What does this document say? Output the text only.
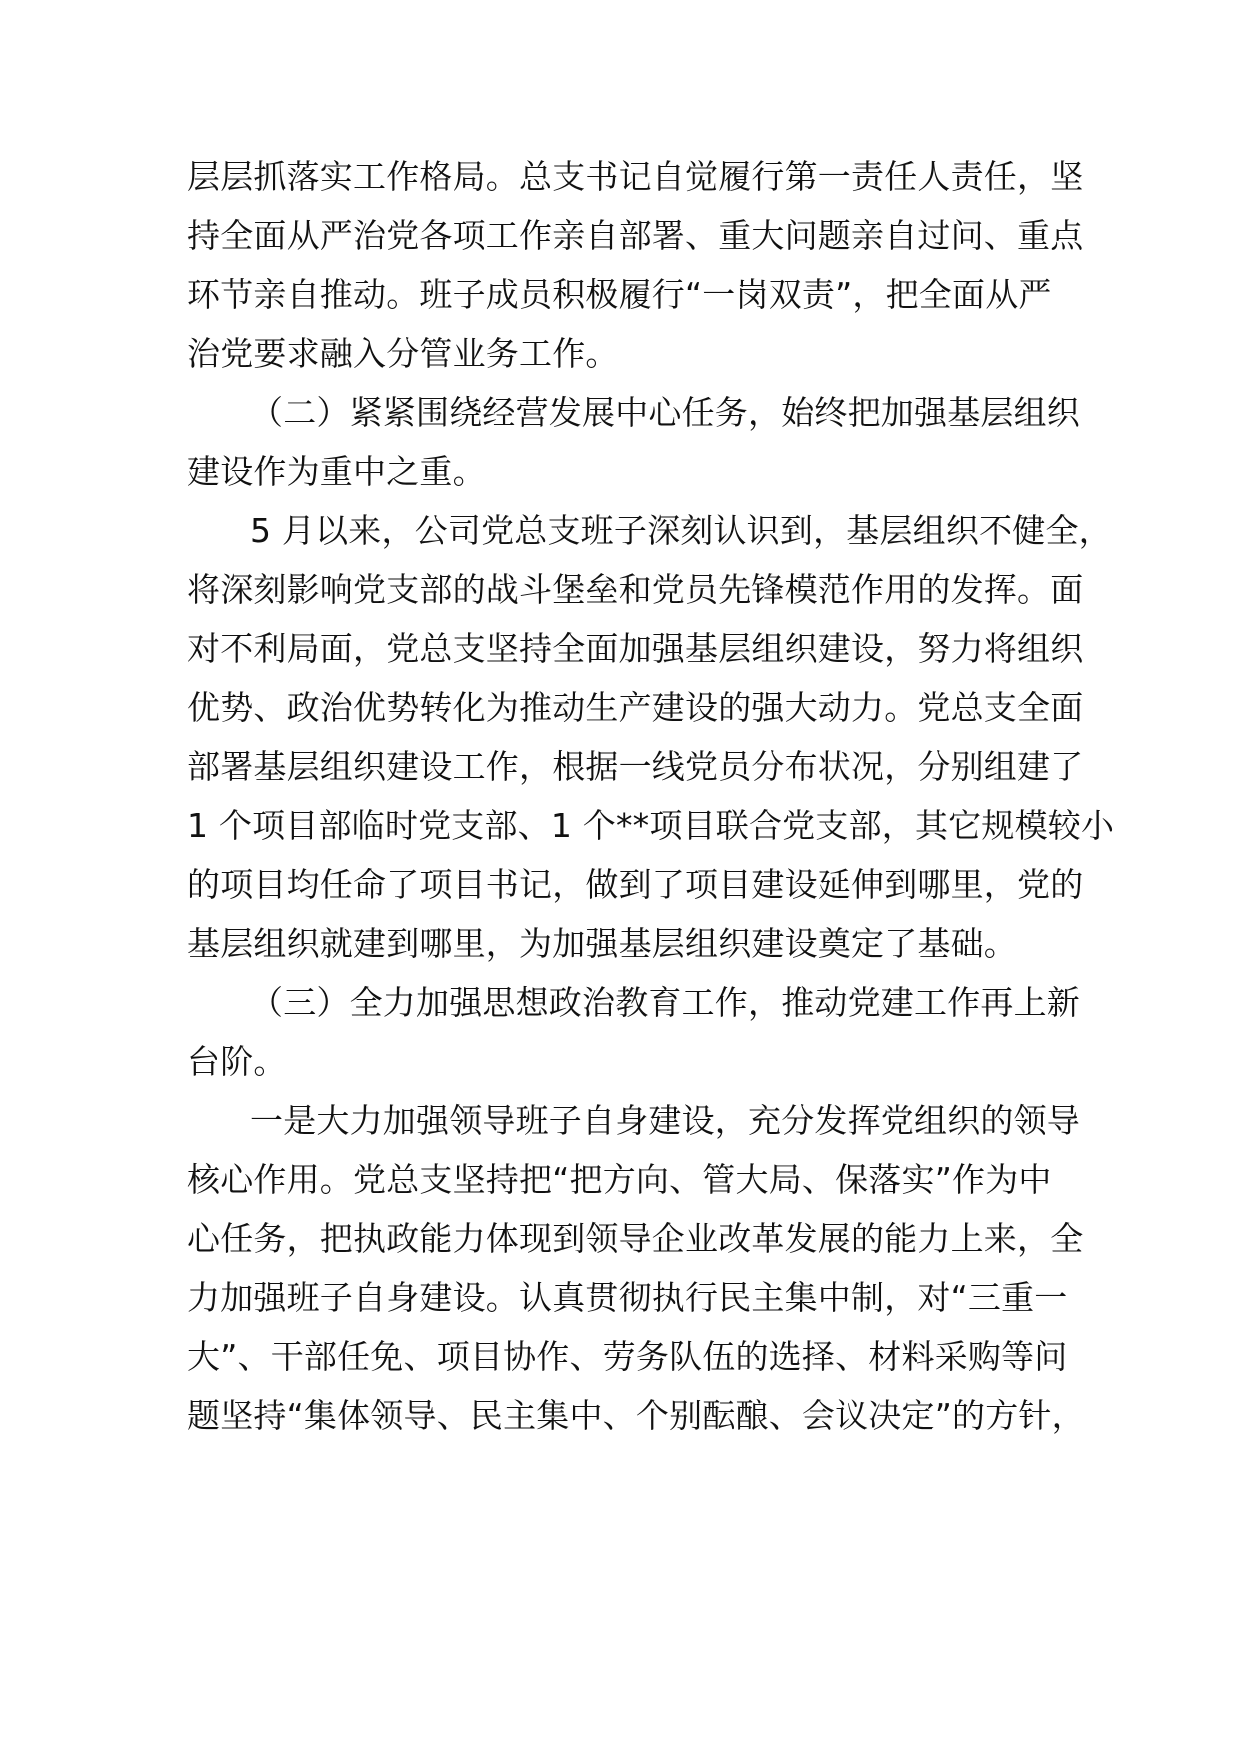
层层抓落实工作格局。总支书记自觉履行第一责任人责任，坚
持全面从严治党各项工作亲自部署、重大问题亲自过问、重点
环节亲自推动。班子成员积极履行“一岗双责”，把全面从严
治党要求融入分管业务工作。
（二）紧紧围绕经营发展中心任务，始终把加强基层组织
建设作为重中之重。
5 月以来，公司党总支班子深刻认识到，基层组织不健全，
将深刻影响党支部的战斗堡垒和党员先锋模范作用的发挥。面
对不利局面，党总支坚持全面加强基层组织建设，努力将组织
优势、政治优势转化为推动生产建设的强大动力。党总支全面
部署基层组织建设工作，根据一线党员分布状况，分别组建了
1 个项目部临时党支部、1 个**项目联合党支部，其它规模较小
的项目均任命了项目书记，做到了项目建设延伸到哪里，党的
基层组织就建到哪里，为加强基层组织建设奠定了基础。
（三）全力加强思想政治教育工作，推动党建工作再上新
台阶。
一是大力加强领导班子自身建设，充分发挥党组织的领导
核心作用。党总支坚持把“把方向、管大局、保落实”作为中
心任务，把执政能力体现到领导企业改革发展的能力上来，全
力加强班子自身建设。认真贯彻执行民主集中制，对“三重一
大”、干部任免、项目协作、劳务队伍的选择、材料采购等问
题坚持“集体领导、民主集中、个别酝酿、会议决定”的方针，
